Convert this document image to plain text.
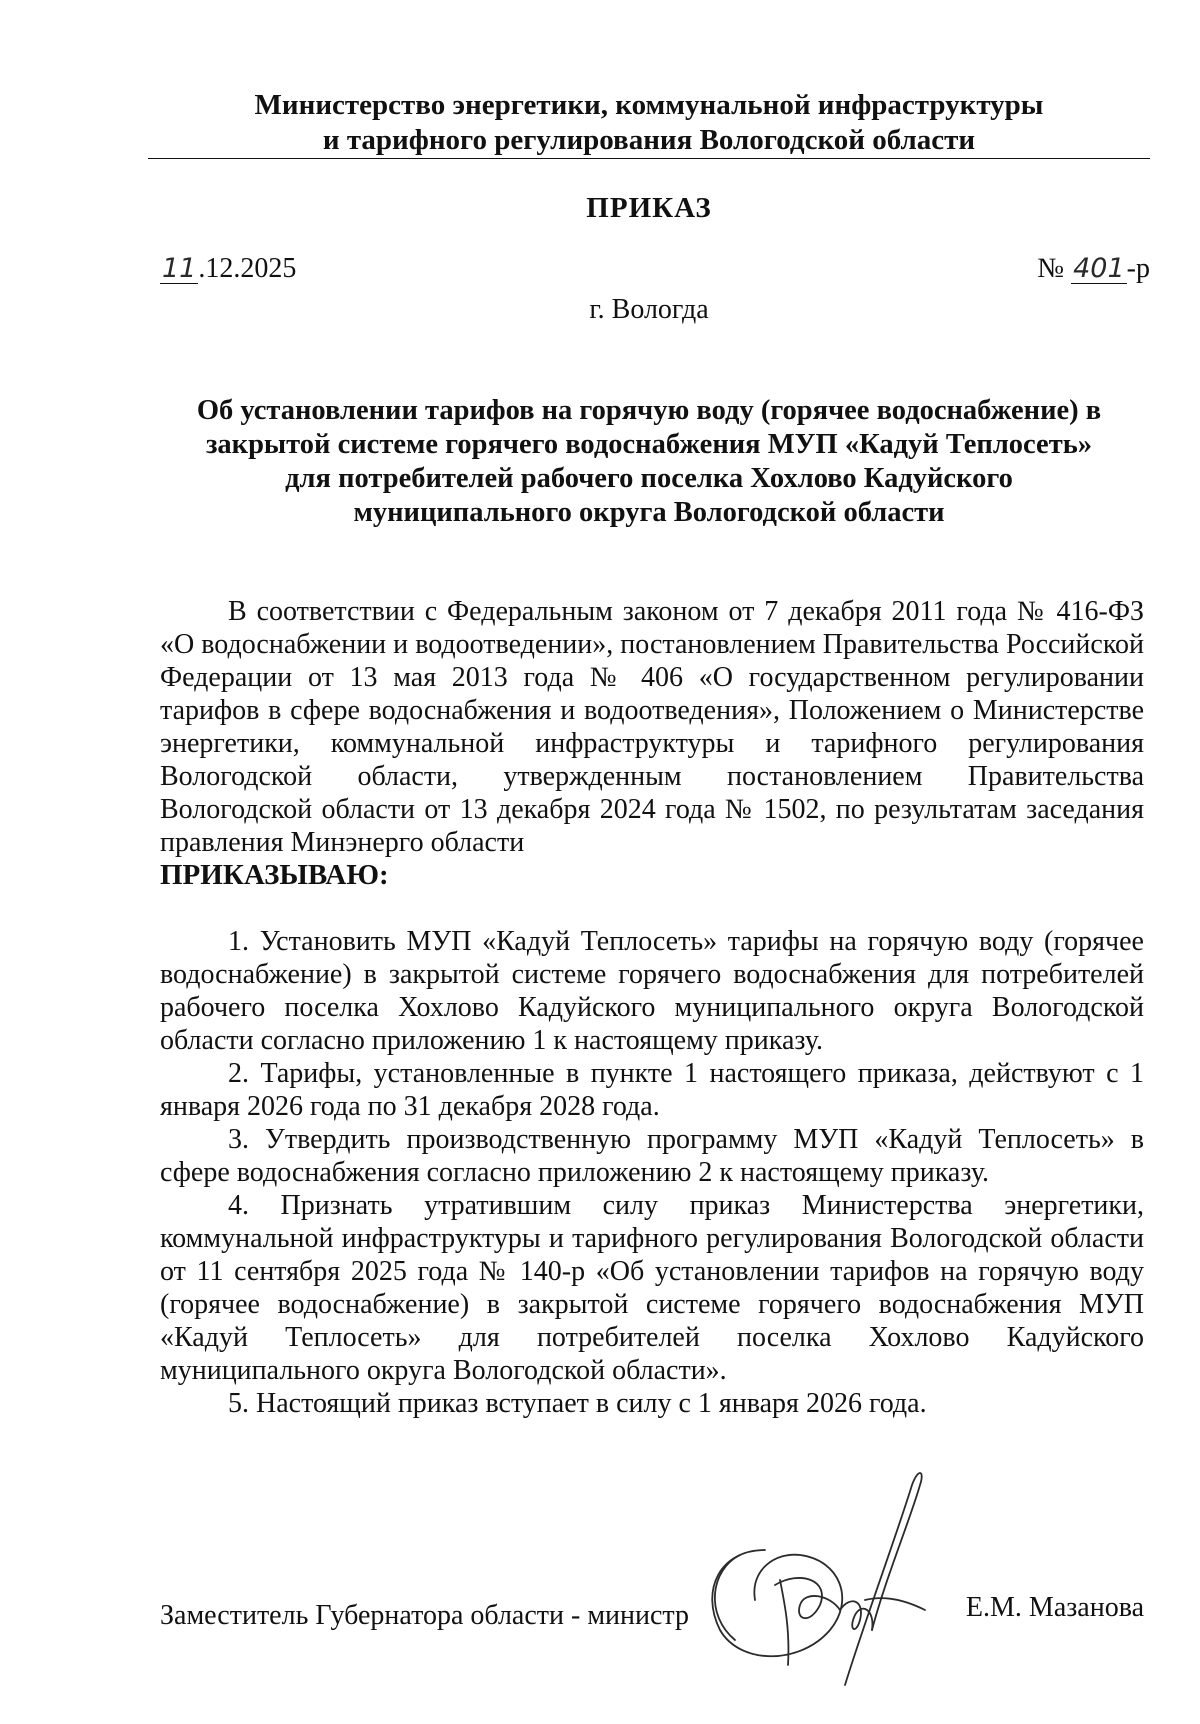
Министерство энергетики, коммунальной инфраструктуры
и тарифного регулирования Вологодской области
ПРИКАЗ
11.12.2025	№ 401-р
г. Вологда
Об установлении тарифов на горячую воду (горячее водоснабжение) в
закрытой системе горячего водоснабжения МУП «Кадуй Теплосеть»
для потребителей рабочего поселка Хохлово Кадуйского
муниципального округа Вологодской области

В соответствии с Федеральным законом от 7 декабря 2011 года № 416-ФЗ «О водоснабжении и водоотведении», постановлением Правительства Российской Федерации от 13 мая 2013 года № 406 «О государственном регулировании тарифов в сфере водоснабжения и водоотведения», Положением о Министерстве энергетики, коммунальной инфраструктуры и тарифного регулирования Вологодской области, утвержденным постановлением Правительства Вологодской области от 13 декабря 2024 года № 1502, по результатам заседания правления Минэнерго области

ПРИКАЗЫВАЮ:

1. Установить МУП «Кадуй Теплосеть» тарифы на горячую воду (горячее водоснабжение) в закрытой системе горячего водоснабжения для потребителей рабочего поселка Хохлово Кадуйского муниципального округа Вологодской области согласно приложению 1 к настоящему приказу.

2. Тарифы, установленные в пункте 1 настоящего приказа, действуют с 1 января 2026 года по 31 декабря 2028 года.

3. Утвердить производственную программу МУП «Кадуй Теплосеть» в сфере водоснабжения согласно приложению 2 к настоящему приказу.

4. Признать утратившим силу приказ Министерства энергетики, коммунальной инфраструктуры и тарифного регулирования Вологодской области от 11 сентября 2025 года № 140-р «Об установлении тарифов на горячую воду (горячее водоснабжение) в закрытой системе горячего водоснабжения МУП «Кадуй Теплосеть» для потребителей поселка Хохлово Кадуйского муниципального округа Вологодской области».

5. Настоящий приказ вступает в силу с 1 января 2026 года.

Заместитель Губернатора области - министр	Е.М. Мазанова
